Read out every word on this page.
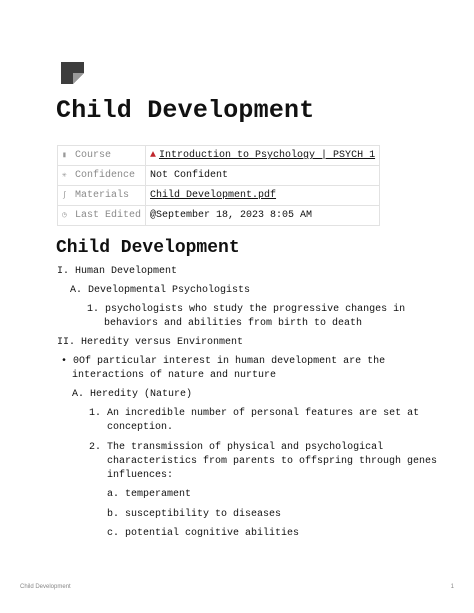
Child Development
▮ Course	▲ Introduction to Psychology | PSYCH 1
✳ Confidence	Not Confident
∫ Materials	Child Development.pdf
◷ Last Edited	@September 18, 2023 8:05 AM
Child Development
I. Human Development
A. Developmental Psychologists
1. psychologists who study the progressive changes in
behaviors and abilities from birth to death
II. Heredity versus Environment
• 0Of particular interest in human development are the
interactions of nature and nurture
A. Heredity (Nature)
1. An incredible number of personal features are set at
conception.
2. The transmission of physical and psychological
characteristics from parents to offspring through genes
influences:
a. temperament
b. susceptibility to diseases
c. potential cognitive abilities
Child Development	1
